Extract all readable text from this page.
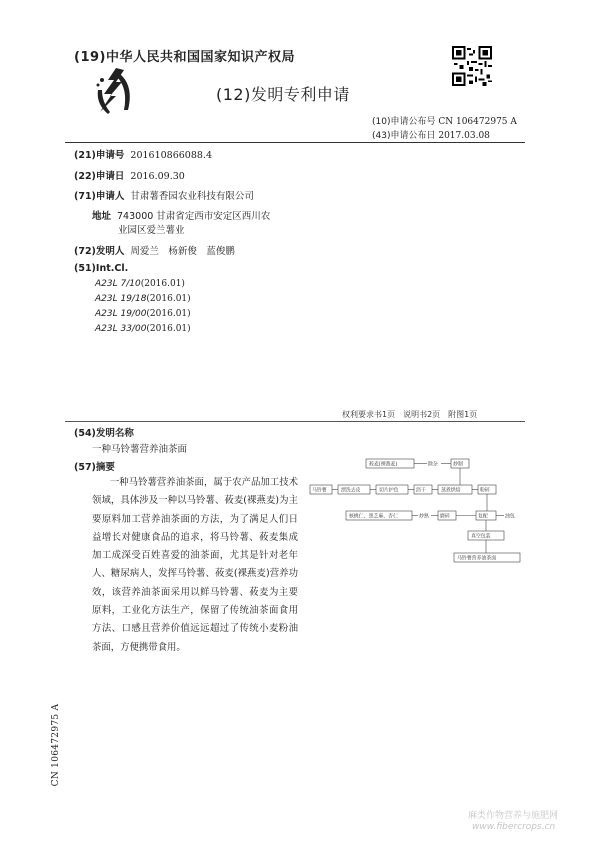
(19)中华人民共和国国家知识产权局
(12)发明专利申请
(10)申请公布号 CN 106472975 A
(43)申请公布日 2017.03.08
(21)申请号 201610866088.4
(22)申请日 2016.09.30
(71)申请人 甘肃薯香园农业科技有限公司
地址 743000 甘肃省定西市安定区西川农
业园区爱兰薯业
(72)发明人 周爱兰　杨新俊　蓝俊鹏
(51)Int.Cl.
A23L 7/10(2016.01)
A23L 19/18(2016.01)
A23L 19/00(2016.01)
A23L 33/00(2016.01)
权利要求书1页　说明书2页　附图1页
(54)发明名称
一种马铃薯营养油茶面
(57)摘要
一种马铃薯营养油茶面，属于农产品加工技术领域，具体涉及一种以马铃薯、莜麦(裸燕麦)为主要原料加工营养油茶面的方法，为了满足人们日益增长对健康食品的追求，将马铃薯、莜麦集成加工成深受百姓喜爱的油茶面，尤其是针对老年人、糖尿病人，发挥马铃薯、莜麦(裸燕麦)营养功效，该营养油茶面采用以鲜马铃薯、莜麦为主要原料，工业化方法生产，保留了传统油茶面食用方法、口感且营养价值远远超过了传统小麦粉油茶面，方便携带食用。
莜麦(裸燕麦)	除杂	炒制
马铃薯	漂洗去皮	切片护色	沥干	蒸煮烘焙	粉碎
核桃仁、黑芝麻、杏仁	炒熟 磨碎	复配	油包
真空包装
马铃薯营养油茶面
CN 106472975 A
麻类作物营养与施肥网
www.fibercrops.cn
